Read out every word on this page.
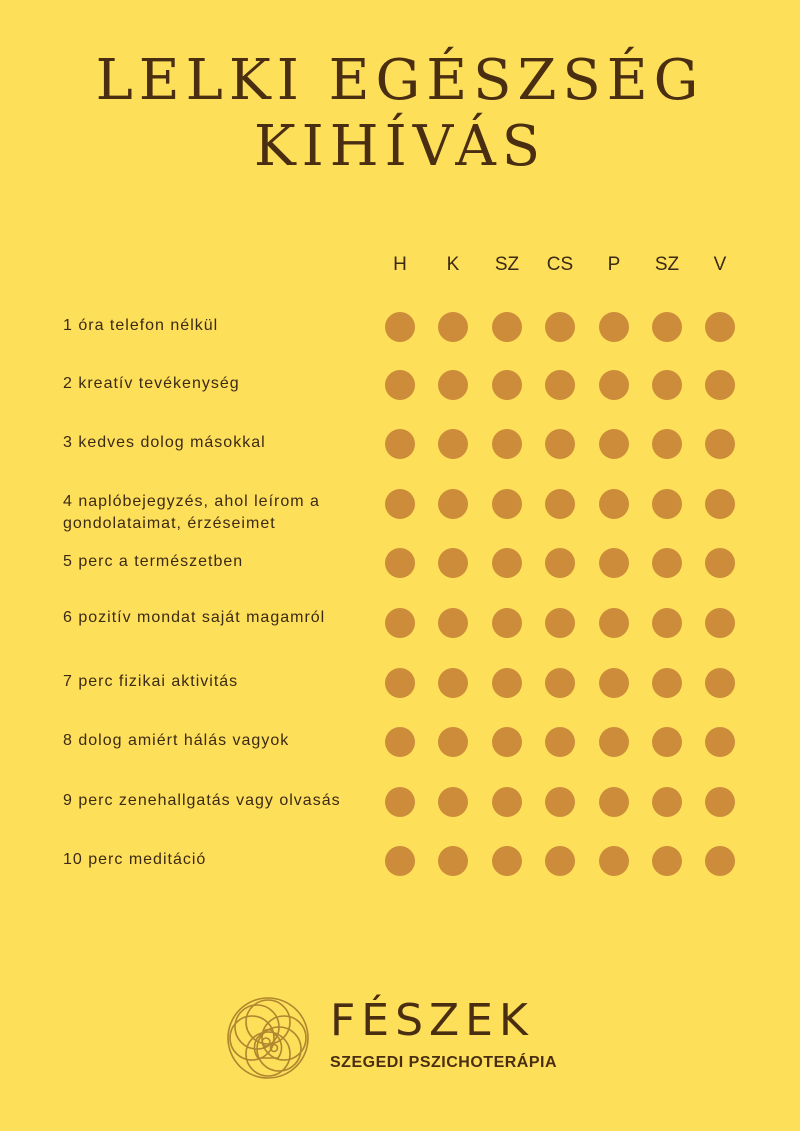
LELKI EGÉSZSÉG
KIHÍVÁS
H	K	SZ	CS	P	SZ	V
1 óra telefon nélkül
2 kreatív tevékenység
3 kedves dolog másokkal
4 naplóbejegyzés, ahol leírom a gondolataimat, érzéseimet
5 perc a természetben
6 pozitív mondat saját magamról
7 perc fizikai aktivitás
8 dolog amiért hálás vagyok
9 perc zenehallgatás vagy olvasás
10 perc meditáció
FÉSZEK
SZEGEDI PSZICHOTERÁPIA
